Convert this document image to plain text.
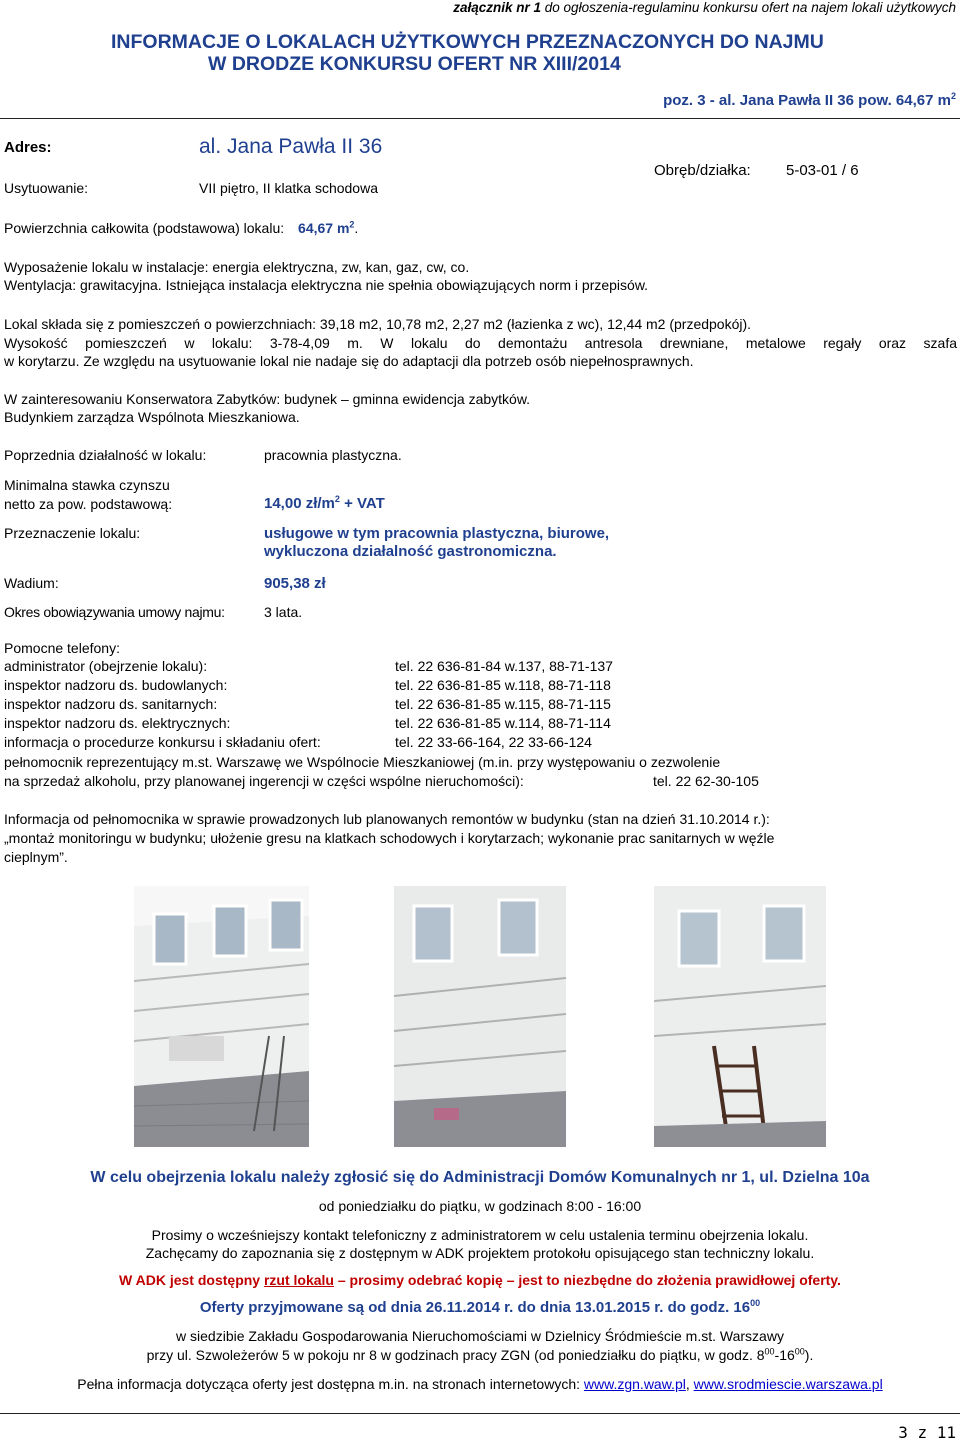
załącznik nr 1 do ogłoszenia-regulaminu konkursu ofert na najem lokali użytkowych
INFORMACJE O LOKALACH UŻYTKOWYCH PRZEZNACZONYCH DO NAJMU
W DRODZE KONKURSU OFERT NR XIII/2014
poz. 3 - al. Jana Pawła II 36 pow. 64,67 $m^2$
Adres:	al. Jana Pawła II 36
Usytuowanie:	VII piętro, II klatka schodowa
Obręb/działka: 5-03-01 / 6
Powierzchnia całkowita (podstawowa) lokalu: 64,67 $m^2$.
Wyposażenie lokalu w instalacje: energia elektryczna, zw, kan, gaz, cw, co.
Wentylacja: grawitacyjna. Istniejąca instalacja elektryczna nie spełnia obowiązujących norm i przepisów.
Lokal składa się z pomieszczeń o powierzchniach: 39,18 m2, 10,78 m2, 2,27 m2 (łazienka z wc), 12,44 m2 (przedpokój).
Wysokość pomieszczeń w lokalu: 3-78-4,09 m. W lokalu do demontażu antresola drewniane, metalowe regały oraz szafa
w korytarzu. Ze względu na usytuowanie lokal nie nadaje się do adaptacji dla potrzeb osób niepełnosprawnych.
W zainteresowaniu Konserwatora Zabytków: budynek – gminna ewidencja zabytków.
Budynkiem zarządza Wspólnota Mieszkaniowa.
Poprzednia działalność w lokalu:	pracownia plastyczna.
Minimalna stawka czynszu
netto za pow. podstawową:	14,00 $zł/m^2$ + VAT
Przeznaczenie lokalu:	usługowe w tym pracownia plastyczna, biurowe,
wykluczona działalność gastronomiczna.
Wadium:	905,38 zł
Okres obowiązywania umowy najmu:	3 lata.
Pomocne telefony:
administrator (obejrzenie lokalu):	tel. 22 636-81-84 w.137, 88-71-137
inspektor nadzoru ds. budowlanych:	tel. 22 636-81-85 w.118, 88-71-118
inspektor nadzoru ds. sanitarnych:	tel. 22 636-81-85 w.115, 88-71-115
inspektor nadzoru ds. elektrycznych:	tel. 22 636-81-85 w.114, 88-71-114
informacja o procedurze konkursu i składaniu ofert:	tel. 22 33-66-164, 22 33-66-124
pełnomocnik reprezentujący m.st. Warszawę we Wspólnocie Mieszkaniowej (m.in. przy występowaniu o zezwolenie
na sprzedaż alkoholu, przy planowanej ingerencji w części wspólne nieruchomości):	tel. 22 62-30-105
Informacja od pełnomocnika w sprawie prowadzonych lub planowanych remontów w budynku (stan na dzień 31.10.2014 r.):
„montaż monitoringu w budynku; ułożenie gresu na klatkach schodowych i korytarzach; wykonanie prac sanitarnych w węźle
cieplnym”.
W celu obejrzenia lokalu należy zgłosić się do Administracji Domów Komunalnych nr 1, ul. Dzielna 10a
od poniedziałku do piątku, w godzinach 8:00 - 16:00
Prosimy o wcześniejszy kontakt telefoniczny z administratorem w celu ustalenia terminu obejrzenia lokalu.
Zachęcamy do zapoznania się z dostępnym w ADK projektem protokołu opisującego stan techniczny lokalu.
W ADK jest dostępny rzut lokalu – prosimy odebrać kopię – jest to niezbędne do złożenia prawidłowej oferty.
Oferty przyjmowane są od dnia 26.11.2014 r. do dnia 13.01.2015 r. do godz. $16^{00}$
w siedzibie Zakładu Gospodarowania Nieruchomościami w Dzielnicy Śródmieście m.st. Warszawy
przy ul. Szwoleżerów 5 w pokoju nr 8 w godzinach pracy ZGN (od poniedziałku do piątku, w godz. $8^{00}-16^{00}$).
Pełna informacja dotycząca oferty jest dostępna m.in. na stronach internetowych: www.zgn.waw.pl, www.srodmiescie.warszawa.pl
3 z 11
